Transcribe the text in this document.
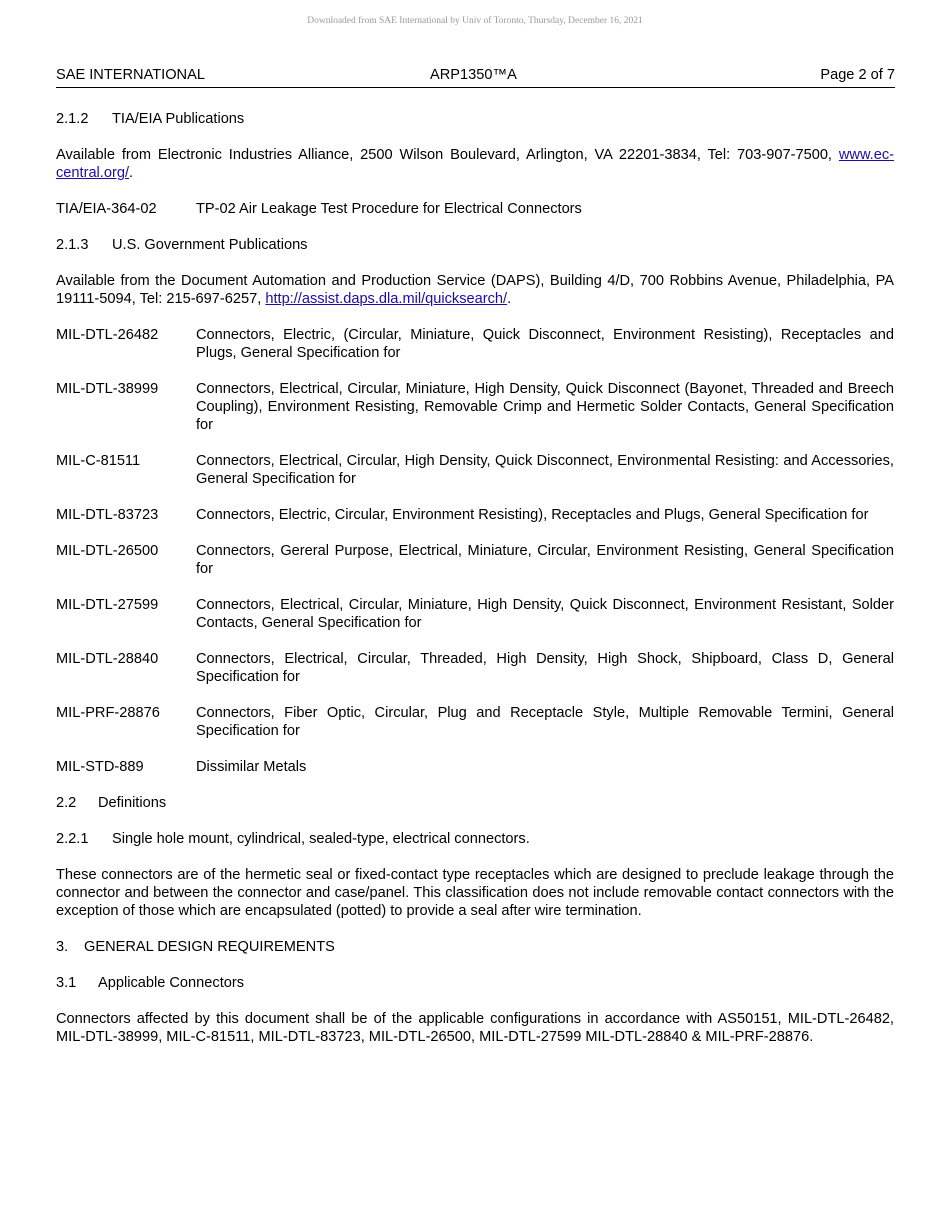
Downloaded from SAE International by Univ of Toronto, Thursday, December 16, 2021
SAE INTERNATIONAL	ARP1350™A	Page 2 of 7
2.1.2 TIA/EIA Publications

Available from Electronic Industries Alliance, 2500 Wilson Boulevard, Arlington, VA 22201-3834, Tel: 703-907-7500, www.ec-central.org/.

TIA/EIA-364-02	TP-02 Air Leakage Test Procedure for Electrical Connectors
2.1.3 U.S. Government Publications

Available from the Document Automation and Production Service (DAPS), Building 4/D, 700 Robbins Avenue, Philadelphia, PA 19111-5094, Tel: 215-697-6257, http://assist.daps.dla.mil/quicksearch/.

MIL-DTL-26482	Connectors, Electric, (Circular, Miniature, Quick Disconnect, Environment Resisting), Receptacles and Plugs, General Specification for
MIL-DTL-38999	Connectors, Electrical, Circular, Miniature, High Density, Quick Disconnect (Bayonet, Threaded and Breech Coupling), Environment Resisting, Removable Crimp and Hermetic Solder Contacts, General Specification for
MIL-C-81511	Connectors, Electrical, Circular, High Density, Quick Disconnect, Environmental Resisting: and Accessories, General Specification for
MIL-DTL-83723	Connectors, Electric, Circular, Environment Resisting), Receptacles and Plugs, General Specification for
MIL-DTL-26500	Connectors, Gereral Purpose, Electrical, Miniature, Circular, Environment Resisting, General Specification for
MIL-DTL-27599	Connectors, Electrical, Circular, Miniature, High Density, Quick Disconnect, Environment Resistant, Solder Contacts, General Specification for
MIL-DTL-28840	Connectors, Electrical, Circular, Threaded, High Density, High Shock, Shipboard, Class D, General Specification for
MIL-PRF-28876	Connectors, Fiber Optic, Circular, Plug and Receptacle Style, Multiple Removable Termini, General Specification for
MIL-STD-889	Dissimilar Metals
2.2 Definitions
2.2.1 Single hole mount, cylindrical, sealed-type, electrical connectors.

These connectors are of the hermetic seal or fixed-contact type receptacles which are designed to preclude leakage through the connector and between the connector and case/panel. This classification does not include removable contact connectors with the exception of those which are encapsulated (potted) to provide a seal after wire termination.

3. GENERAL DESIGN REQUIREMENTS
3.1 Applicable Connectors

Connectors affected by this document shall be of the applicable configurations in accordance with AS50151, MIL-DTL-26482, MIL-DTL-38999, MIL-C-81511, MIL-DTL-83723, MIL-DTL-26500, MIL-DTL-27599 MIL-DTL-28840 & MIL-PRF-28876.
